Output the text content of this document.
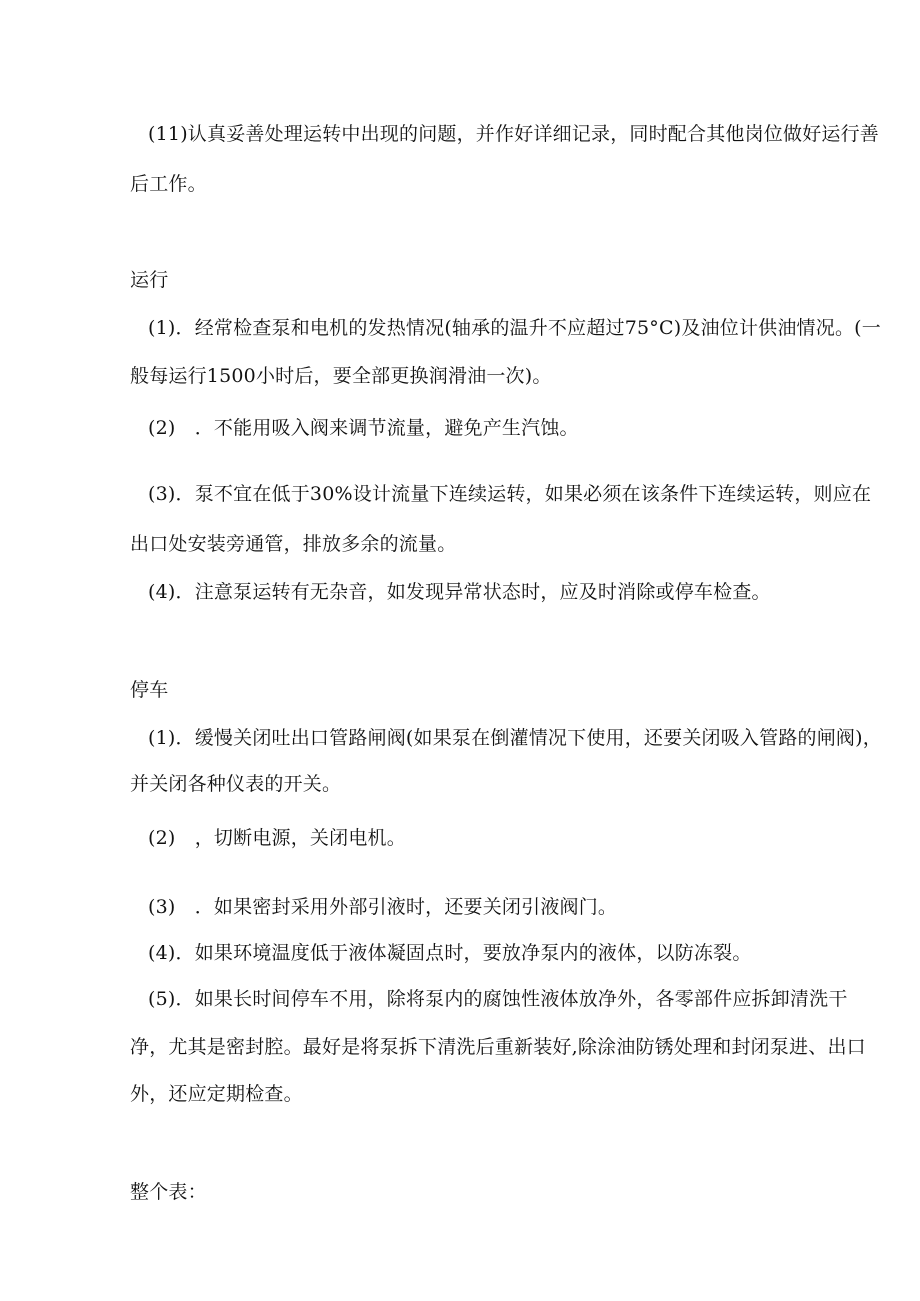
(11)认真妥善处理运转中出现的问题，并作好详细记录，同时配合其他岗位做好运行善
后工作。
运行
(1)．经常检查泵和电机的发热情况(轴承的温升不应超过75°C)及油位计供油情况。(一
般每运行1500小时后，要全部更换润滑油一次)。
(2)　．不能用吸入阀来调节流量，避免产生汽蚀。
(3)．泵不宜在低于30%设计流量下连续运转，如果必须在该条件下连续运转，则应在
出口处安装旁通管，排放多余的流量。
(4)．注意泵运转有无杂音，如发现异常状态时，应及时消除或停车检查。
停车
(1)．缓慢关闭吐出口管路闸阀(如果泵在倒灌情况下使用，还要关闭吸入管路的闸阀)，
并关闭各种仪表的开关。
(2)　，切断电源，关闭电机。
(3)　．如果密封采用外部引液时，还要关闭引液阀门。
(4)．如果环境温度低于液体凝固点时，要放净泵内的液体，以防冻裂。
(5)．如果长时间停车不用，除将泵内的腐蚀性液体放净外，各零部件应拆卸清洗干
净，尤其是密封腔。最好是将泵拆下清洗后重新装好,除涂油防锈处理和封闭泵进、出口
外，还应定期检查。
整个表：
